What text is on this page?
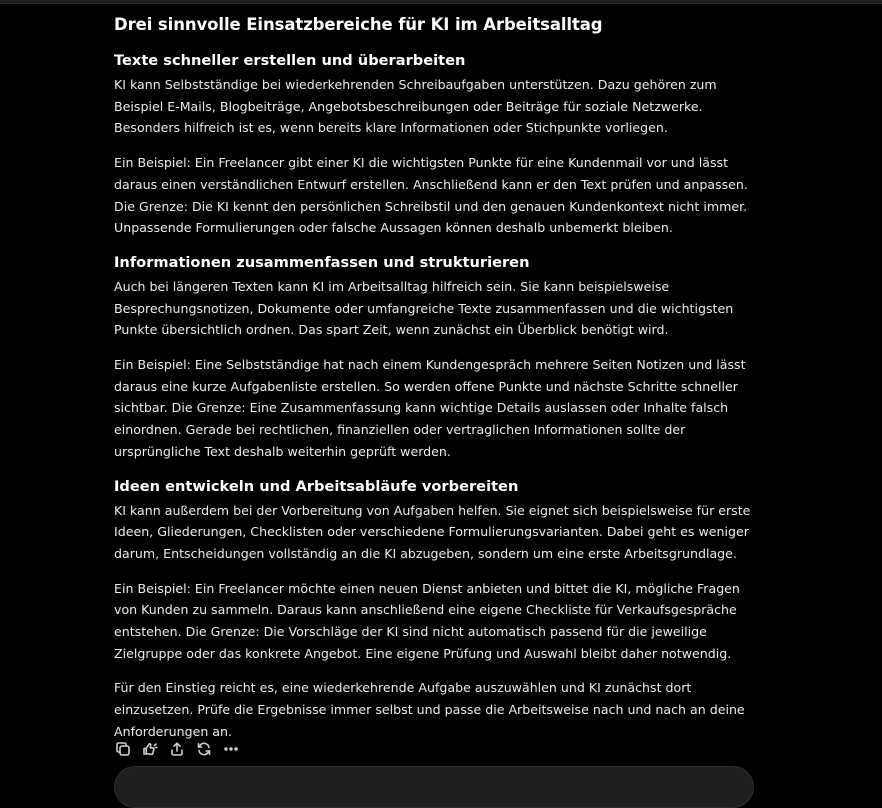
Drei sinnvolle Einsatzbereiche für KI im Arbeitsalltag
Texte schneller erstellen und überarbeiten

KI kann Selbstständige bei wiederkehrenden Schreibaufgaben unterstützen. Dazu gehören zum Beispiel E-Mails, Blogbeiträge, Angebotsbeschreibungen oder Beiträge für soziale Netzwerke. Besonders hilfreich ist es, wenn bereits klare Informationen oder Stichpunkte vorliegen.

Ein Beispiel: Ein Freelancer gibt einer KI die wichtigsten Punkte für eine Kundenmail vor und lässt daraus einen verständlichen Entwurf erstellen. Anschließend kann er den Text prüfen und anpassen. Die Grenze: Die KI kennt den persönlichen Schreibstil und den genauen Kundenkontext nicht immer. Unpassende Formulierungen oder falsche Aussagen können deshalb unbemerkt bleiben.

Informationen zusammenfassen und strukturieren

Auch bei längeren Texten kann KI im Arbeitsalltag hilfreich sein. Sie kann beispielsweise Besprechungsnotizen, Dokumente oder umfangreiche Texte zusammenfassen und die wichtigsten Punkte übersichtlich ordnen. Das spart Zeit, wenn zunächst ein Überblick benötigt wird.

Ein Beispiel: Eine Selbstständige hat nach einem Kundengespräch mehrere Seiten Notizen und lässt daraus eine kurze Aufgabenliste erstellen. So werden offene Punkte und nächste Schritte schneller sichtbar. Die Grenze: Eine Zusammenfassung kann wichtige Details auslassen oder Inhalte falsch einordnen. Gerade bei rechtlichen, finanziellen oder vertraglichen Informationen sollte der ursprüngliche Text deshalb weiterhin geprüft werden.

Ideen entwickeln und Arbeitsabläufe vorbereiten

KI kann außerdem bei der Vorbereitung von Aufgaben helfen. Sie eignet sich beispielsweise für erste Ideen, Gliederungen, Checklisten oder verschiedene Formulierungsvarianten. Dabei geht es weniger darum, Entscheidungen vollständig an die KI abzugeben, sondern um eine erste Arbeitsgrundlage.

Ein Beispiel: Ein Freelancer möchte einen neuen Dienst anbieten und bittet die KI, mögliche Fragen von Kunden zu sammeln. Daraus kann anschließend eine eigene Checkliste für Verkaufsgespräche entstehen. Die Grenze: Die Vorschläge der KI sind nicht automatisch passend für die jeweilige Zielgruppe oder das konkrete Angebot. Eine eigene Prüfung und Auswahl bleibt daher notwendig.

Für den Einstieg reicht es, eine wiederkehrende Aufgabe auszuwählen und KI zunächst dort einzusetzen. Prüfe die Ergebnisse immer selbst und passe die Arbeitsweise nach und nach an deine Anforderungen an.
